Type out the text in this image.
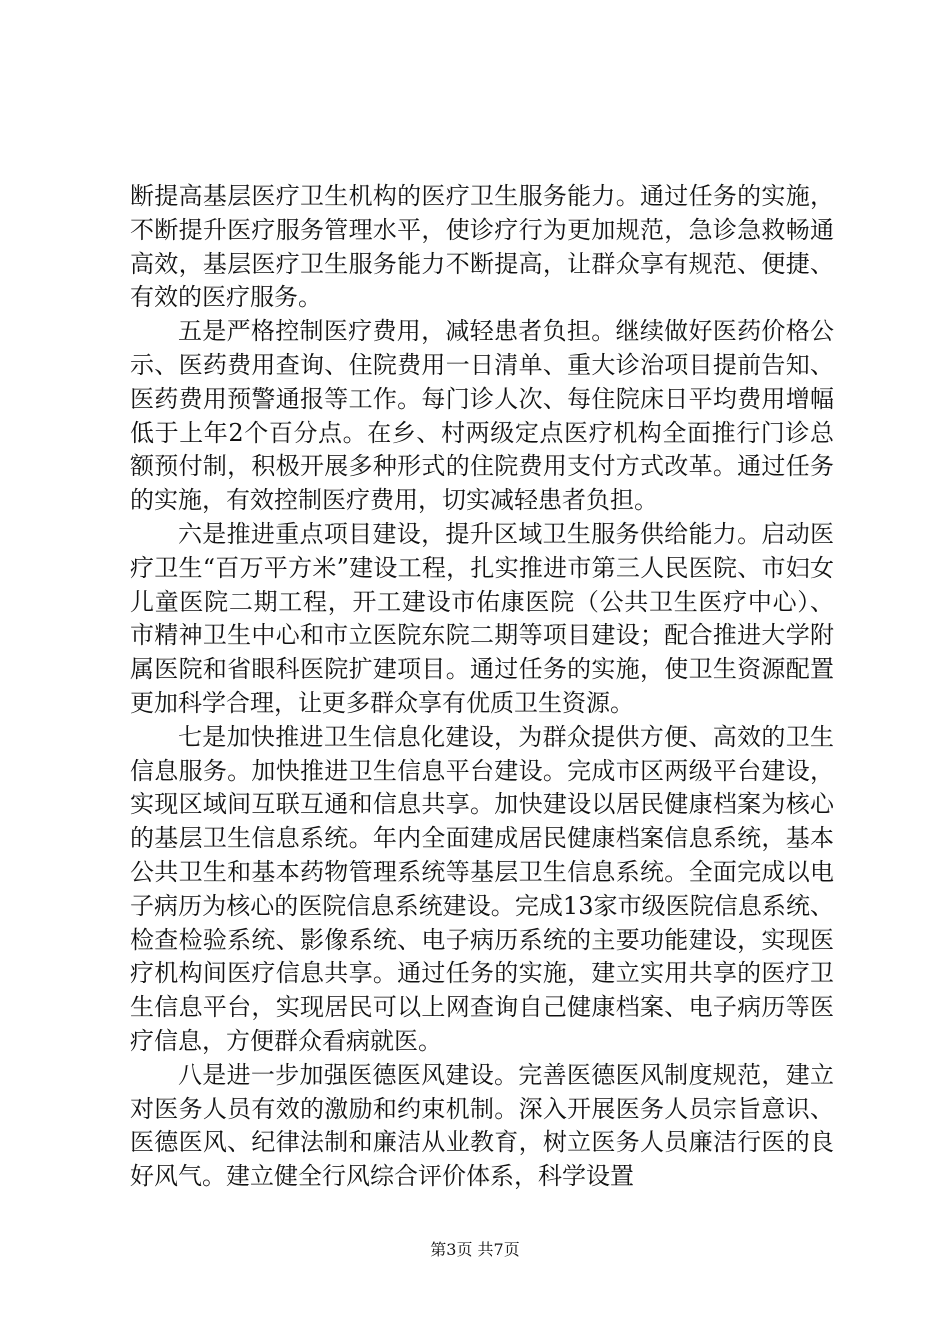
断提高基层医疗卫生机构的医疗卫生服务能力。通过任务的实施，不断提升医疗服务管理水平，使诊疗行为更加规范，急诊急救畅通高效，基层医疗卫生服务能力不断提高，让群众享有规范、便捷、有效的医疗服务。

五是严格控制医疗费用，减轻患者负担。继续做好医药价格公示、医药费用查询、住院费用一日清单、重大诊治项目提前告知、医药费用预警通报等工作。每门诊人次、每住院床日平均费用增幅低于上年2个百分点。在乡、村两级定点医疗机构全面推行门诊总额预付制，积极开展多种形式的住院费用支付方式改革。通过任务的实施，有效控制医疗费用，切实减轻患者负担。

六是推进重点项目建设，提升区域卫生服务供给能力。启动医疗卫生“百万平方米”建设工程，扎实推进市第三人民医院、市妇女儿童医院二期工程，开工建设市佑康医院（公共卫生医疗中心）、市精神卫生中心和市立医院东院二期等项目建设；配合推进大学附属医院和省眼科医院扩建项目。通过任务的实施，使卫生资源配置更加科学合理，让更多群众享有优质卫生资源。

七是加快推进卫生信息化建设，为群众提供方便、高效的卫生信息服务。加快推进卫生信息平台建设。完成市区两级平台建设，实现区域间互联互通和信息共享。加快建设以居民健康档案为核心的基层卫生信息系统。年内全面建成居民健康档案信息系统，基本公共卫生和基本药物管理系统等基层卫生信息系统。全面完成以电子病历为核心的医院信息系统建设。完成13家市级医院信息系统、检查检验系统、影像系统、电子病历系统的主要功能建设，实现医疗机构间医疗信息共享。通过任务的实施，建立实用共享的医疗卫生信息平台，实现居民可以上网查询自己健康档案、电子病历等医疗信息，方便群众看病就医。

八是进一步加强医德医风建设。完善医德医风制度规范，建立对医务人员有效的激励和约束机制。深入开展医务人员宗旨意识、医德医风、纪律法制和廉洁从业教育，树立医务人员廉洁行医的良好风气。建立健全行风综合评价体系，科学设置

第3页 共7页
